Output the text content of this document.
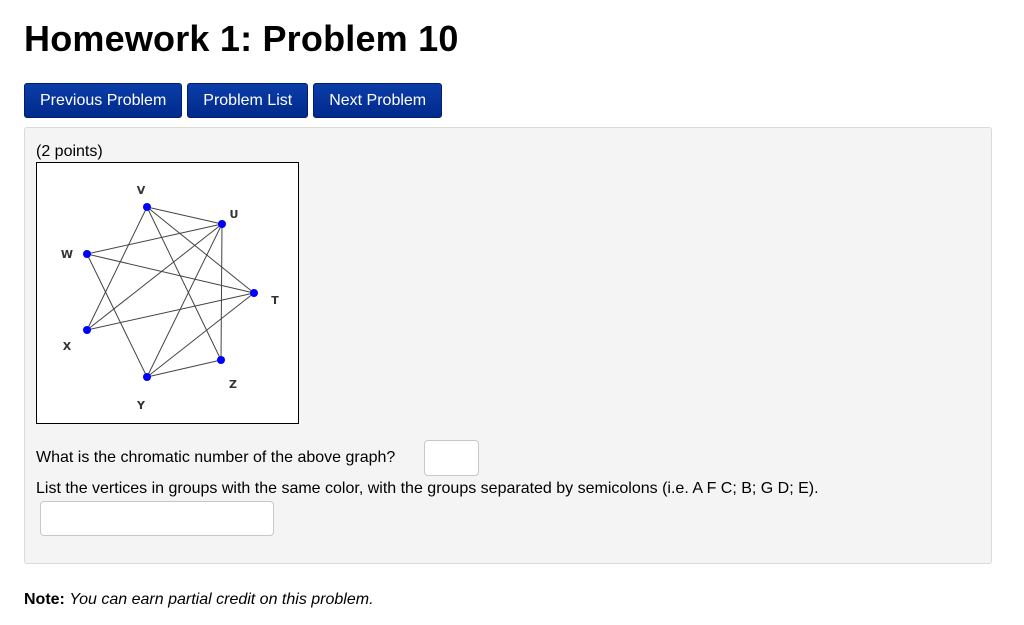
Homework 1: Problem 10
Previous Problem	Problem List	Next Problem
(2 points)
V
U
W
T
X
Z
Y
What is the chromatic number of the above graph?
List the vertices in groups with the same color, with the groups separated by semicolons (i.e. A F C; B; G D; E).
Note: You can earn partial credit on this problem.
